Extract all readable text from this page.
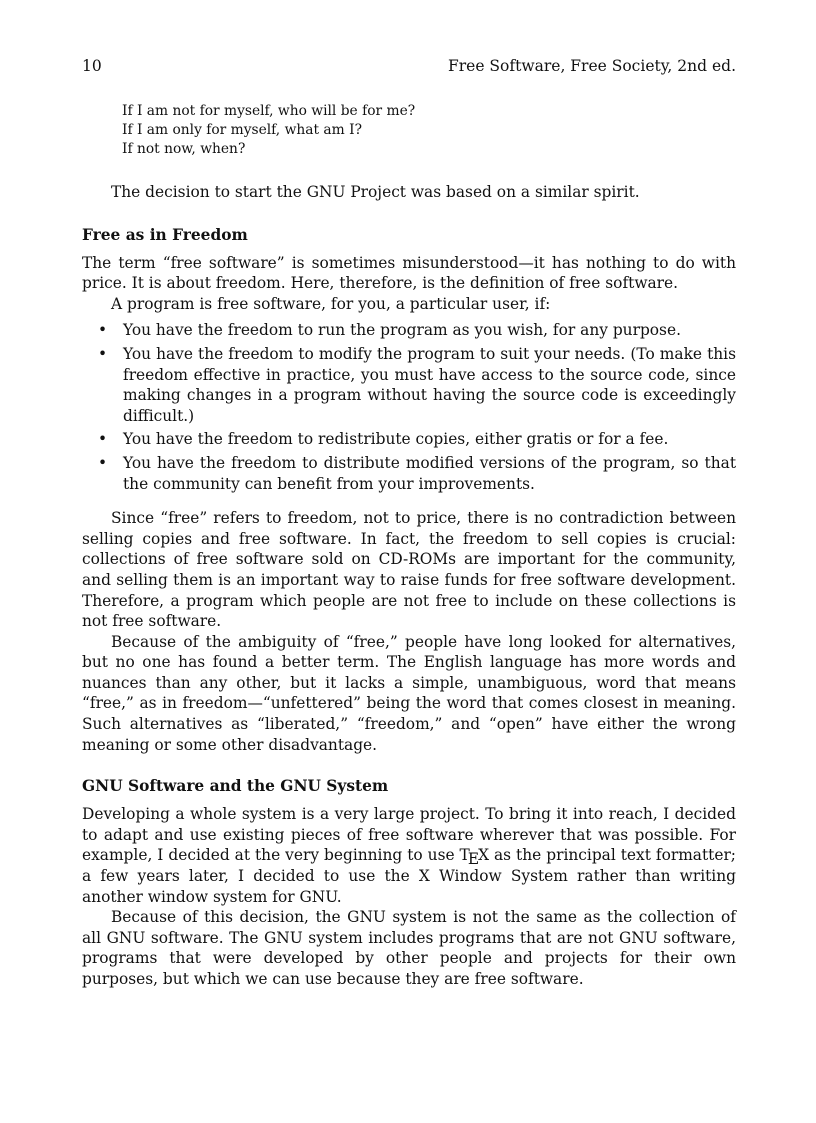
10	Free Software, Free Society, 2nd ed.
If I am not for myself, who will be for me?
If I am only for myself, what am I?
If not now, when?

The decision to start the GNU Project was based on a similar spirit.

Free as in Freedom

The term “free software” is sometimes misunderstood—it has nothing to do with price. It is about freedom. Here, therefore, is the definition of free software.

A program is free software, for you, a particular user, if:

• You have the freedom to run the program as you wish, for any purpose.
• You have the freedom to modify the program to suit your needs. (To make this freedom effective in practice, you must have access to the source code, since making changes in a program without having the source code is exceedingly difficult.)
• You have the freedom to redistribute copies, either gratis or for a fee.
• You have the freedom to distribute modified versions of the program, so that the community can benefit from your improvements.

Since “free” refers to freedom, not to price, there is no contradiction between selling copies and free software. In fact, the freedom to sell copies is crucial: collections of free software sold on CD-ROMs are important for the community, and selling them is an important way to raise funds for free software development. Therefore, a program which people are not free to include on these collections is not free software.

Because of the ambiguity of “free,” people have long looked for alternatives, but no one has found a better term. The English language has more words and nuances than any other, but it lacks a simple, unambiguous, word that means “free,” as in freedom—“unfettered” being the word that comes closest in meaning. Such alternatives as “liberated,” “freedom,” and “open” have either the wrong meaning or some other disadvantage.

GNU Software and the GNU System

Developing a whole system is a very large project. To bring it into reach, I decided to adapt and use existing pieces of free software wherever that was possible. For example, I decided at the very beginning to use TEX as the principal text formatter; a few years later, I decided to use the X Window System rather than writing another window system for GNU.

Because of this decision, the GNU system is not the same as the collection of all GNU software. The GNU system includes programs that are not GNU software, programs that were developed by other people and projects for their own purposes, but which we can use because they are free software.
